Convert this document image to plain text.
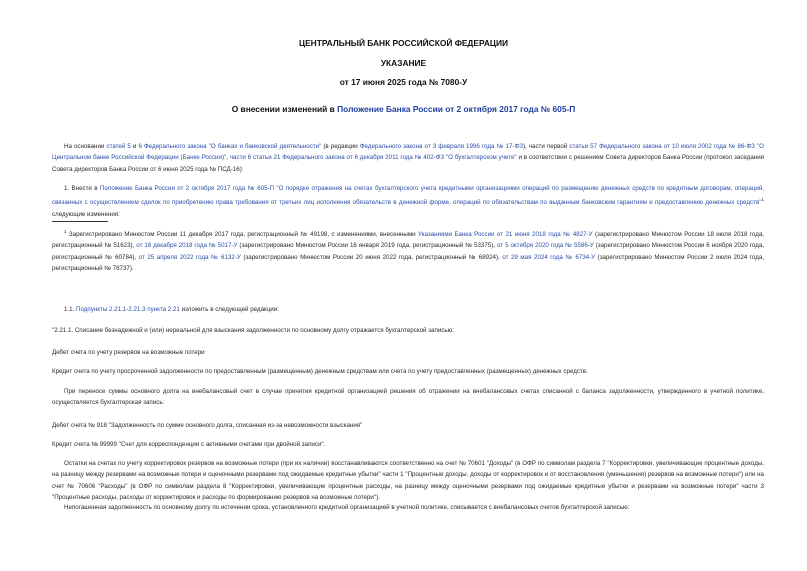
ЦЕНТРАЛЬНЫЙ БАНК РОССИЙСКОЙ ФЕДЕРАЦИИ
УКАЗАНИЕ
от 17 июня 2025 года № 7080-У
О внесении изменений в Положение Банка России от 2 октября 2017 года № 605-П
На основании статей 5 и 6 Федерального закона "О банках и банковской деятельности" (в редакции Федерального закона от 3 февраля 1996 года № 17-ФЗ), части первой статьи 57 Федерального закона от 10 июля 2002 года № 86-ФЗ "О Центральном банке Российской Федерации (Банке России)", части 6 статьи 21 Федерального закона от 6 декабря 2011 года № 402-ФЗ "О бухгалтерском учете" и в соответствии с решением Совета директоров Банка России (протокол заседания Совета директоров Банка России от 6 июня 2025 года № ПСД-16):
1. Внести в Положение Банка России от 2 октября 2017 года № 605-П "О порядке отражения на счетах бухгалтерского учета кредитными организациями операций по размещению денежных средств по кредитным договорам, операций, связанных с осуществлением сделок по приобретению права требования от третьих лиц исполнения обязательств в денежной форме, операций по обязательствам по выданным банковским гарантиям и предоставлению денежных средств"$^1$ следующие изменения:
$^1$ Зарегистрировано Минюстом России 11 декабря 2017 года, регистрационный № 49198, с изменениями, внесенными Указаниями Банка России от 21 июня 2018 года № 4827-У (зарегистрировано Минюстом России 18 июля 2018 года, регистрационный № 51623), от 18 декабря 2018 года № 5017-У (зарегистрировано Минюстом России 16 января 2019 года, регистрационный № 53375), от 5 октября 2020 года № 5586-У (зарегистрировано Минюстом России 6 ноября 2020 года, регистрационный № 60784), от 25 апреля 2022 года № 6132-У (зарегистрировано Минюстом России 20 июня 2022 года, регистрационный № 68924), от 29 мая 2024 года № 6734-У (зарегистрировано Минюстом России 2 июля 2024 года, регистрационный № 78737).
1.1. Подпункты 2.21.1-2.21.3 пункта 2.21 изложить в следующей редакции:
"2.21.1. Списание безнадежной и (или) нереальной для взыскания задолженности по основному долгу отражается бухгалтерской записью:
Дебет счета по учету резервов на возможные потери
Кредит счета по учету просроченной задолженности по предоставленным (размещенным) денежным средствам или счета по учету предоставленных (размещенных) денежных средств.
При переносе суммы основного долга на внебалансовый счет в случае принятия кредитной организацией решения об отражении на внебалансовых счетах списанной с баланса задолженности, утвержденного в учетной политике, осуществляется бухгалтерская запись:
Дебет счета № 918 "Задолженность по сумме основного долга, списанная из-за невозможности взыскания"
Кредит счета № 99999 "Счет для корреспонденции с активными счетами при двойной записи".
Остатки на счетах по учету корректировок резервов на возможные потери (при их наличии) восстанавливаются соответственно на счет № 70601 "Доходы" (в ОФР по символам раздела 7 "Корректировки, увеличивающие процентные доходы, на разницу между резервами на возможные потери и оценочными резервами под ожидаемые кредитные убытки" части 1 "Процентные доходы, доходы от корректировок и от восстановления (уменьшения) резервов на возможные потери") или на счет № 70606 "Расходы" (в ОФР по символам раздела 8 "Корректировки, увеличивающие процентные расходы, на разницу между оценочными резервами под ожидаемые кредитные убытки и резервами на возможные потери" части 3 "Процентные расходы, расходы от корректировок и расходы по формированию резервов на возможные потери").
Непогашенная задолженность по основному долгу по истечении срока, установленного кредитной организацией в учетной политике, списывается с внебалансовых счетов бухгалтерской записью:
